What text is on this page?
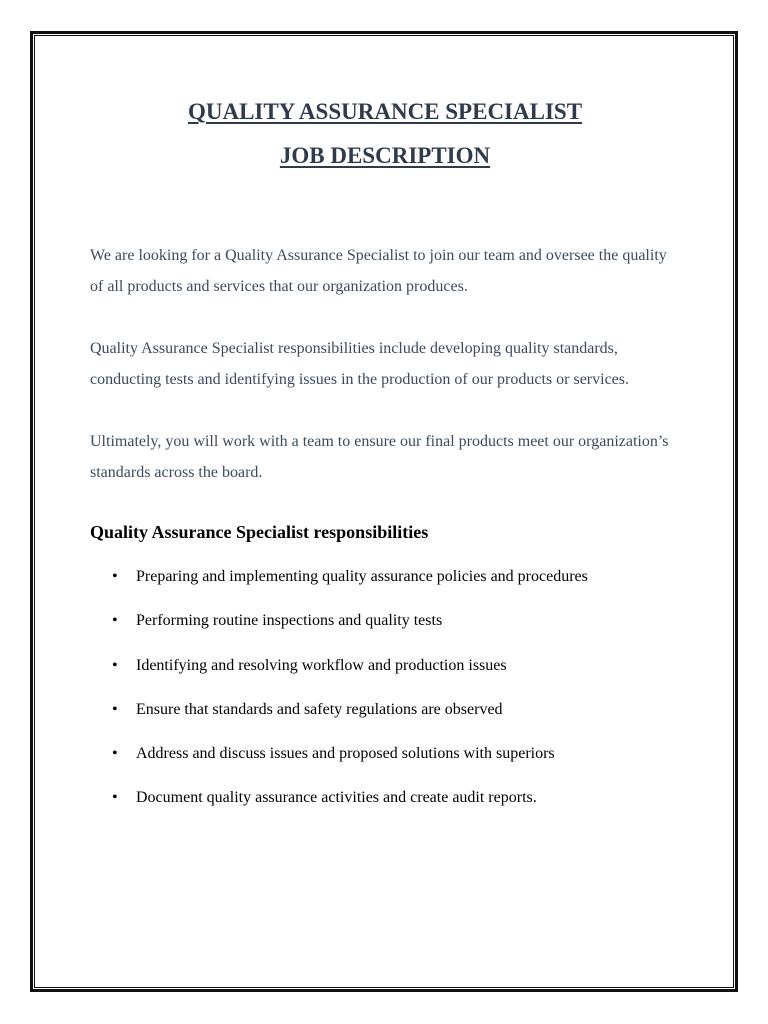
QUALITY ASSURANCE SPECIALIST
JOB DESCRIPTION

We are looking for a Quality Assurance Specialist to join our team and oversee the quality of all products and services that our organization produces.

Quality Assurance Specialist responsibilities include developing quality standards, conducting tests and identifying issues in the production of our products or services.

Ultimately, you will work with a team to ensure our final products meet our organization’s standards across the board.

Quality Assurance Specialist responsibilities
• Preparing and implementing quality assurance policies and procedures
• Performing routine inspections and quality tests
• Identifying and resolving workflow and production issues
• Ensure that standards and safety regulations are observed
• Address and discuss issues and proposed solutions with superiors
• Document quality assurance activities and create audit reports.
